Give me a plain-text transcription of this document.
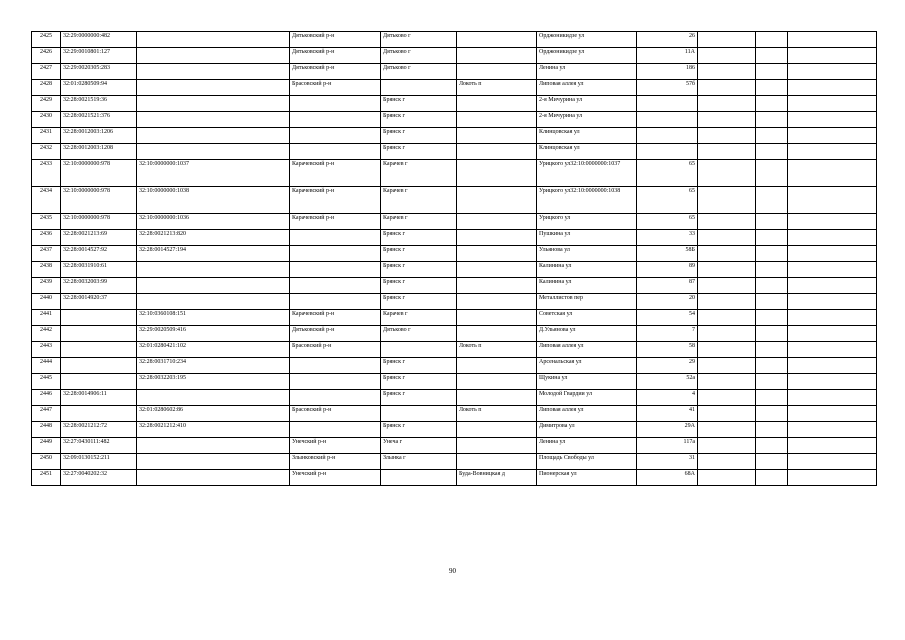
2425	32:29:0000000:482		Дятьковский р-н	Дятьково г		Орджоникидзе ул	26			
2426	32:29:0010801:127		Дятьковский р-н	Дятьково г		Орджоникидзе ул	11А			
2427	32:29:0020305:283		Дятьковский р-н	Дятьково г		Ленина ул	186			
2428	32:01:0280509:94		Брасовский р-н		Локоть п	Липовая аллея ул	57б			
2429	32:28:0021519:36			Брянск г		2-я Мичурина ул				
2430	32:28:0021521:376			Брянск г		2-я Мичурина ул				
2431	32:28:0012003:1206			Брянск г		Клинцовская ул				
2432	32:28:0012003:1208			Брянск г		Клинцовская ул				
2433	32:10:0000000:978	32:10:0000000:1037	Карачевский р-н	Карачев г		Урицкого ул32:10:0000000:1037	65			
2434	32:10:0000000:978	32:10:0000000:1038	Карачевский р-н	Карачев г		Урицкого ул32:10:0000000:1038	65			
2435	32:10:0000000:978	32:10:0000000:1036	Карачевский р-н	Карачев г		Урицкого ул	65			
2436	32:28:0021213:69	32:28:0021213:820		Брянск г		Пушкина ул	33			
2437	32:28:0014527:92	32:28:0014527:194		Брянск г		Ульянова ул	58Б			
2438	32:28:0031910:61			Брянск г		Калинина ул	89			
2439	32:28:0032003:99			Брянск г		Калинина ул	87			
2440	32:28:0014920:37			Брянск г		Металлистов пер	20			
2441		32:10:0360108:151	Карачевский р-н	Карачев г		Советская ул	54			
2442		32:29:0020509:416	Дятьковский р-н	Дятьково г		Д.Ульянова ул	7			
2443		32:01:0280421:102	Брасовский р-н		Локоть п	Липовая аллея ул	58			
2444		32:28:0031710:234		Брянск г		Арсенальская ул	29			
2445		32:28:0032203:195		Брянск г		Щукина ул	52а			
2446	32:28:0014906:11			Брянск г		Молодой Гвардии ул	4			
2447		32:01:0280602:86	Брасовский р-н		Локоть п	Липовая аллея ул	41			
2448	32:28:0021212:72	32:28:0021212:410		Брянск г		Димитрова ул	29А			
2449	32:27:0430111:482		Унечский р-н	Унеча г		Ленина ул	117а			
2450	32:09:0130152:211		Злынковский р-н	Злынка г		Площадь Свободы ул	31			
2451	32:27:0040202:32		Унечский р-н		Буда-Вовницкая д	Пионерская ул	68А			
90
